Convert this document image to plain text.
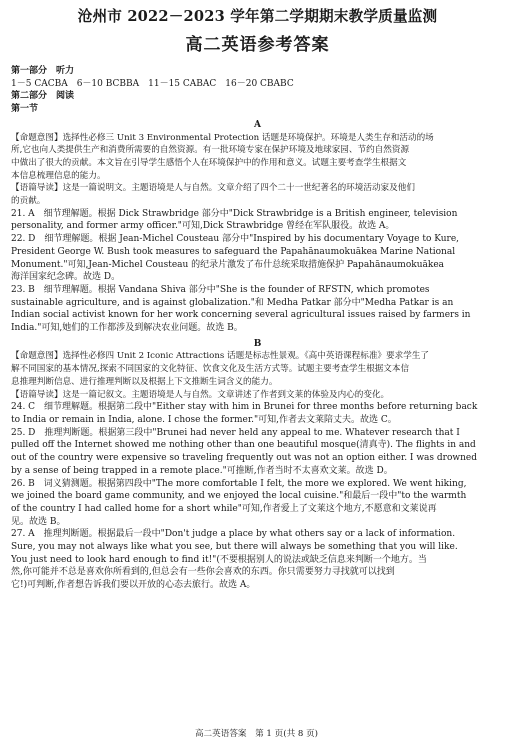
沧州市 2022－2023 学年第二学期期末教学质量监测
高二英语参考答案
第一部分　听力
1－5 CACBA　6－10 BCBBA　11－15 CABAC　16－20 CBABC
第二部分　阅读
第一节
A
【命题意图】选择性必修三 Unit 3 Environmental Protection 话题是环境保护。环境是人类生存和活动的场
所,它也向人类提供生产和消费所需要的自然资源。有一批环境专家在保护环境及地球家园、节约自然资源
中做出了很大的贡献。本文旨在引导学生感悟个人在环境保护中的作用和意义。试题主要考查学生根据文
本信息梳理信息的能力。
【语篇导读】这是一篇说明文。主题语境是人与自然。文章介绍了四个二十一世纪著名的环境活动家及他们
的贡献。
21. A　细节理解题。根据 Dick Strawbridge 部分中"Dick Strawbridge is a British engineer, television
personality, and former army officer."可知,Dick Strawbridge 曾经在军队服役。故选 A。
22. D　细节理解题。根据 Jean-Michel Cousteau 部分中"Inspired by his documentary Voyage to Kure,
President George W. Bush took measures to safeguard the Papahānaumokuākea Marine National
Monument."可知,Jean-Michel Cousteau 的纪录片激发了布什总统采取措施保护 Papahānaumokuākea
海洋国家纪念碑。故选 D。
23. B　细节理解题。根据 Vandana Shiva 部分中"She is the founder of RFSTN, which promotes
sustainable agriculture, and is against globalization."和 Medha Patkar 部分中"Medha Patkar is an
Indian social activist known for her work concerning several agricultural issues raised by farmers in
India."可知,她们的工作都涉及到解决农业问题。故选 B。
B
【命题意图】选择性必修四 Unit 2 Iconic Attractions 话题是标志性景观。《高中英语课程标准》要求学生了
解不同国家的基本情况,探索不同国家的文化特征、饮食文化及生活方式等。试题主要考查学生根据文本信
息推理判断信息、进行推理判断以及根据上下文推断生词含义的能力。
【语篇导读】这是一篇记叙文。主题语境是人与自然。文章讲述了作者到文莱的体验及内心的变化。
24. C　细节理解题。根据第二段中"Either stay with him in Brunei for three months before returning back
to India or remain in India, alone. I chose the former."可知,作者去文莱陪丈夫。故选 C。
25. D　推理判断题。根据第三段中"Brunei had never held any appeal to me. Whatever research that I
pulled off the Internet showed me nothing other than one beautiful mosque(清真寺). The flights in and
out of the country were expensive so traveling frequently out was not an option either. I was drowned
by a sense of being trapped in a remote place."可推断,作者当时不太喜欢文莱。故选 D。
26. B　词义猜测题。根据第四段中"The more comfortable I felt, the more we explored. We went hiking,
we joined the board game community, and we enjoyed the local cuisine."和最后一段中"to the warmth
of the country I had called home for a short while"可知,作者爱上了文莱这个地方,不愿意和文莱说再
见。故选 B。
27. A　推理判断题。根据最后一段中"Don't judge a place by what others say or a lack of information.
Sure, you may not always like what you see, but there will always be something that you will like.
You just need to look hard enough to find it!"(不要根据别人的说法或缺乏信息来判断一个地方。当
然,你可能并不总是喜欢你所看到的,但总会有一些你会喜欢的东西。你只需要努力寻找就可以找到
它!)可判断,作者想告诉我们要以开放的心态去旅行。故选 A。
高二英语答案　第 1 页(共 8 页)
